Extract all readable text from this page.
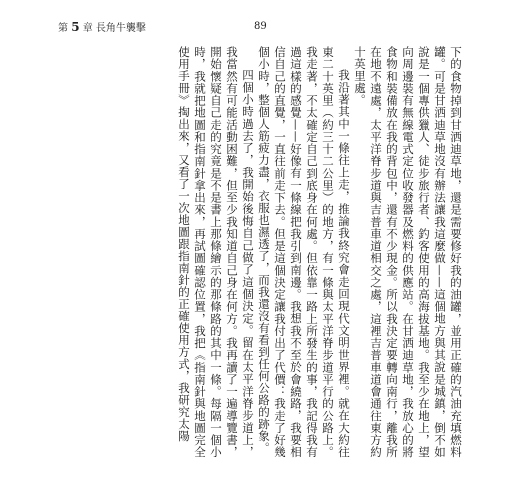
第 5 章 長角牛襲擊	89

下的食物掉到甘洒迪草地，還是需要修好我的油罐，並用正確的汽油充填燃料罐。可是甘洒迪草地沒有辦法讓我這麼做——這個地方與其說是城鎮，倒不如說是一個專供獵人、徒步旅行者、釣客使用的高海拔基地。我至少在地上，望向周邊裝有無線電式定位收發器及燃料的供應站。在甘洒迪草地，我放心的將食物和裝備放在我的背包中，還有不少現金。所以我決定要轉向南行，離我所在地不遠處，太平洋脊步道與吉普車道相交之處，這裡吉普車道會通往東方約十英里處。

我沿著其中一條往上走，推論我終究會走回現代文明世界裡。就在大約往東二十英里（約三十二公里）的地方，有一條與太平洋脊步道平行的公路上。我走著，不太確定自己到底身在何處。但依靠一路上所發生的事，我記得我有過這樣的感覺——好像有一條線把我引到南邊。我想我不至於會繞路，我要相信自己的直覺，一直往前走下去。但是這個決定讓我付出了代價：我走了好幾個小時，整個人筋疲力盡，衣服也濕透了，而我還沒有看到任何公路的跡象。

四個小時過去了，我開始後悔自己做了這個決定。留在太平洋脊步道上，我當然有可能活動困難，但至少我知道自己身在何方。我再讀了一遍導覽書，開始懷疑自己走的究竟是不是書上那條繪示的那條路的其中一條。每隔一個小時，我就把地圖和指南針拿出來，再試圖確認位置，我把《指南針與地圖完全使用手冊》掏出來，又看了一次地圖跟指南針的正確使用方式，我研究太陽
